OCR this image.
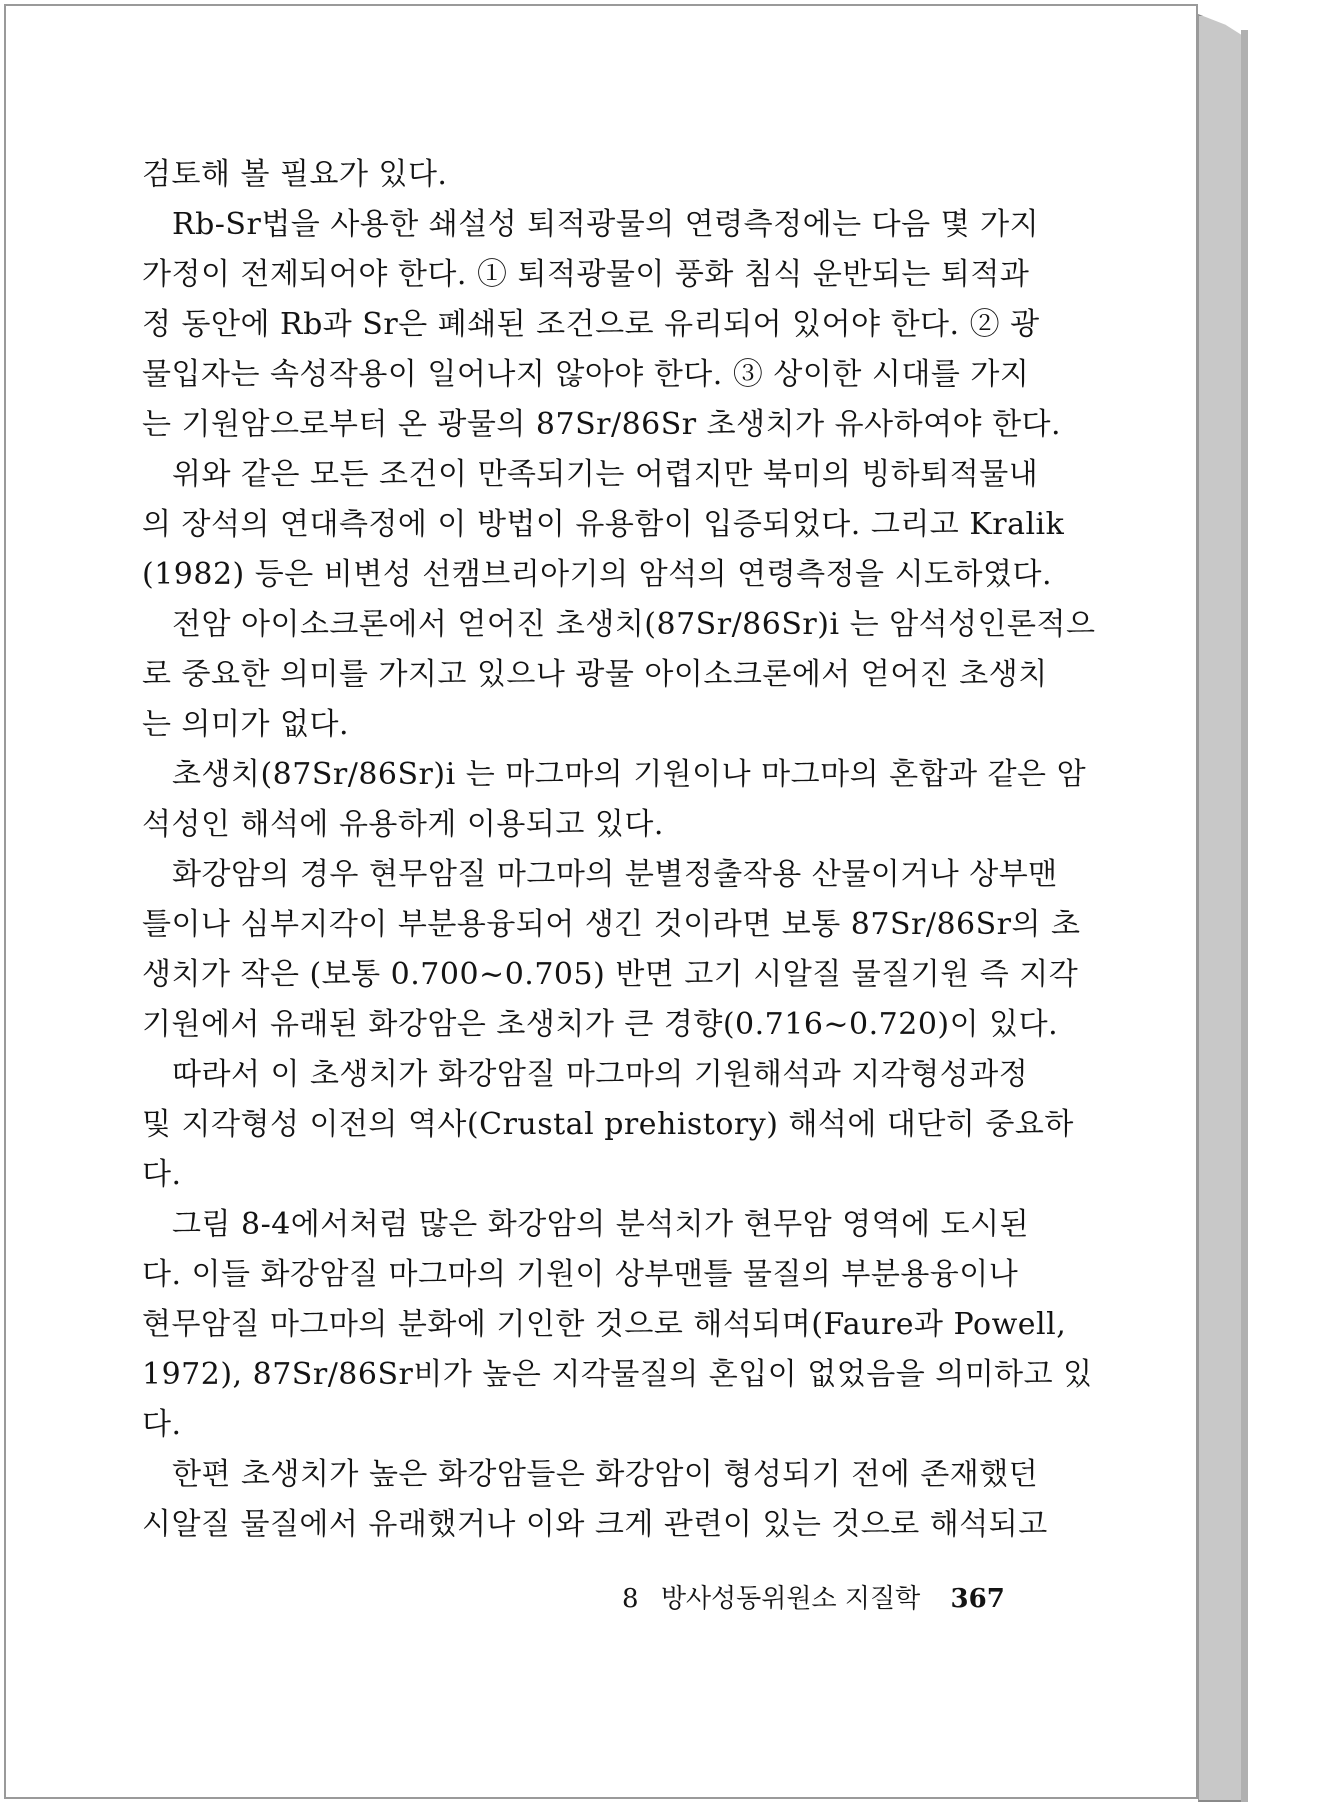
검토해 볼 필요가 있다.
Rb-Sr법을 사용한 쇄설성 퇴적광물의 연령측정에는 다음 몇 가지
가정이 전제되어야 한다. ① 퇴적광물이 풍화 침식 운반되는 퇴적과
정 동안에 Rb과 Sr은 폐쇄된 조건으로 유리되어 있어야 한다. ② 광
물입자는 속성작용이 일어나지 않아야 한다. ③ 상이한 시대를 가지
는 기원암으로부터 온 광물의 87Sr/86Sr 초생치가 유사하여야 한다.
위와 같은 모든 조건이 만족되기는 어렵지만 북미의 빙하퇴적물내
의 장석의 연대측정에 이 방법이 유용함이 입증되었다. 그리고 Kralik
(1982) 등은 비변성 선캠브리아기의 암석의 연령측정을 시도하였다.
전암 아이소크론에서 얻어진 초생치(87Sr/86Sr)i 는 암석성인론적으
로 중요한 의미를 가지고 있으나 광물 아이소크론에서 얻어진 초생치
는 의미가 없다.
초생치(87Sr/86Sr)i 는 마그마의 기원이나 마그마의 혼합과 같은 암
석성인 해석에 유용하게 이용되고 있다.
화강암의 경우 현무암질 마그마의 분별정출작용 산물이거나 상부맨
틀이나 심부지각이 부분용융되어 생긴 것이라면 보통 87Sr/86Sr의 초
생치가 작은 (보통 0.700~0.705) 반면 고기 시알질 물질기원 즉 지각
기원에서 유래된 화강암은 초생치가 큰 경향(0.716~0.720)이 있다.
따라서 이 초생치가 화강암질 마그마의 기원해석과 지각형성과정
및 지각형성 이전의 역사(Crustal prehistory) 해석에 대단히 중요하
다.
그림 8-4에서처럼 많은 화강암의 분석치가 현무암 영역에 도시된
다. 이들 화강암질 마그마의 기원이 상부맨틀 물질의 부분용융이나
현무암질 마그마의 분화에 기인한 것으로 해석되며(Faure과 Powell,
1972), 87Sr/86Sr비가 높은 지각물질의 혼입이 없었음을 의미하고 있
다.
한편 초생치가 높은 화강암들은 화강암이 형성되기 전에 존재했던
시알질 물질에서 유래했거나 이와 크게 관련이 있는 것으로 해석되고
8 방사성동위원소 지질학 367
